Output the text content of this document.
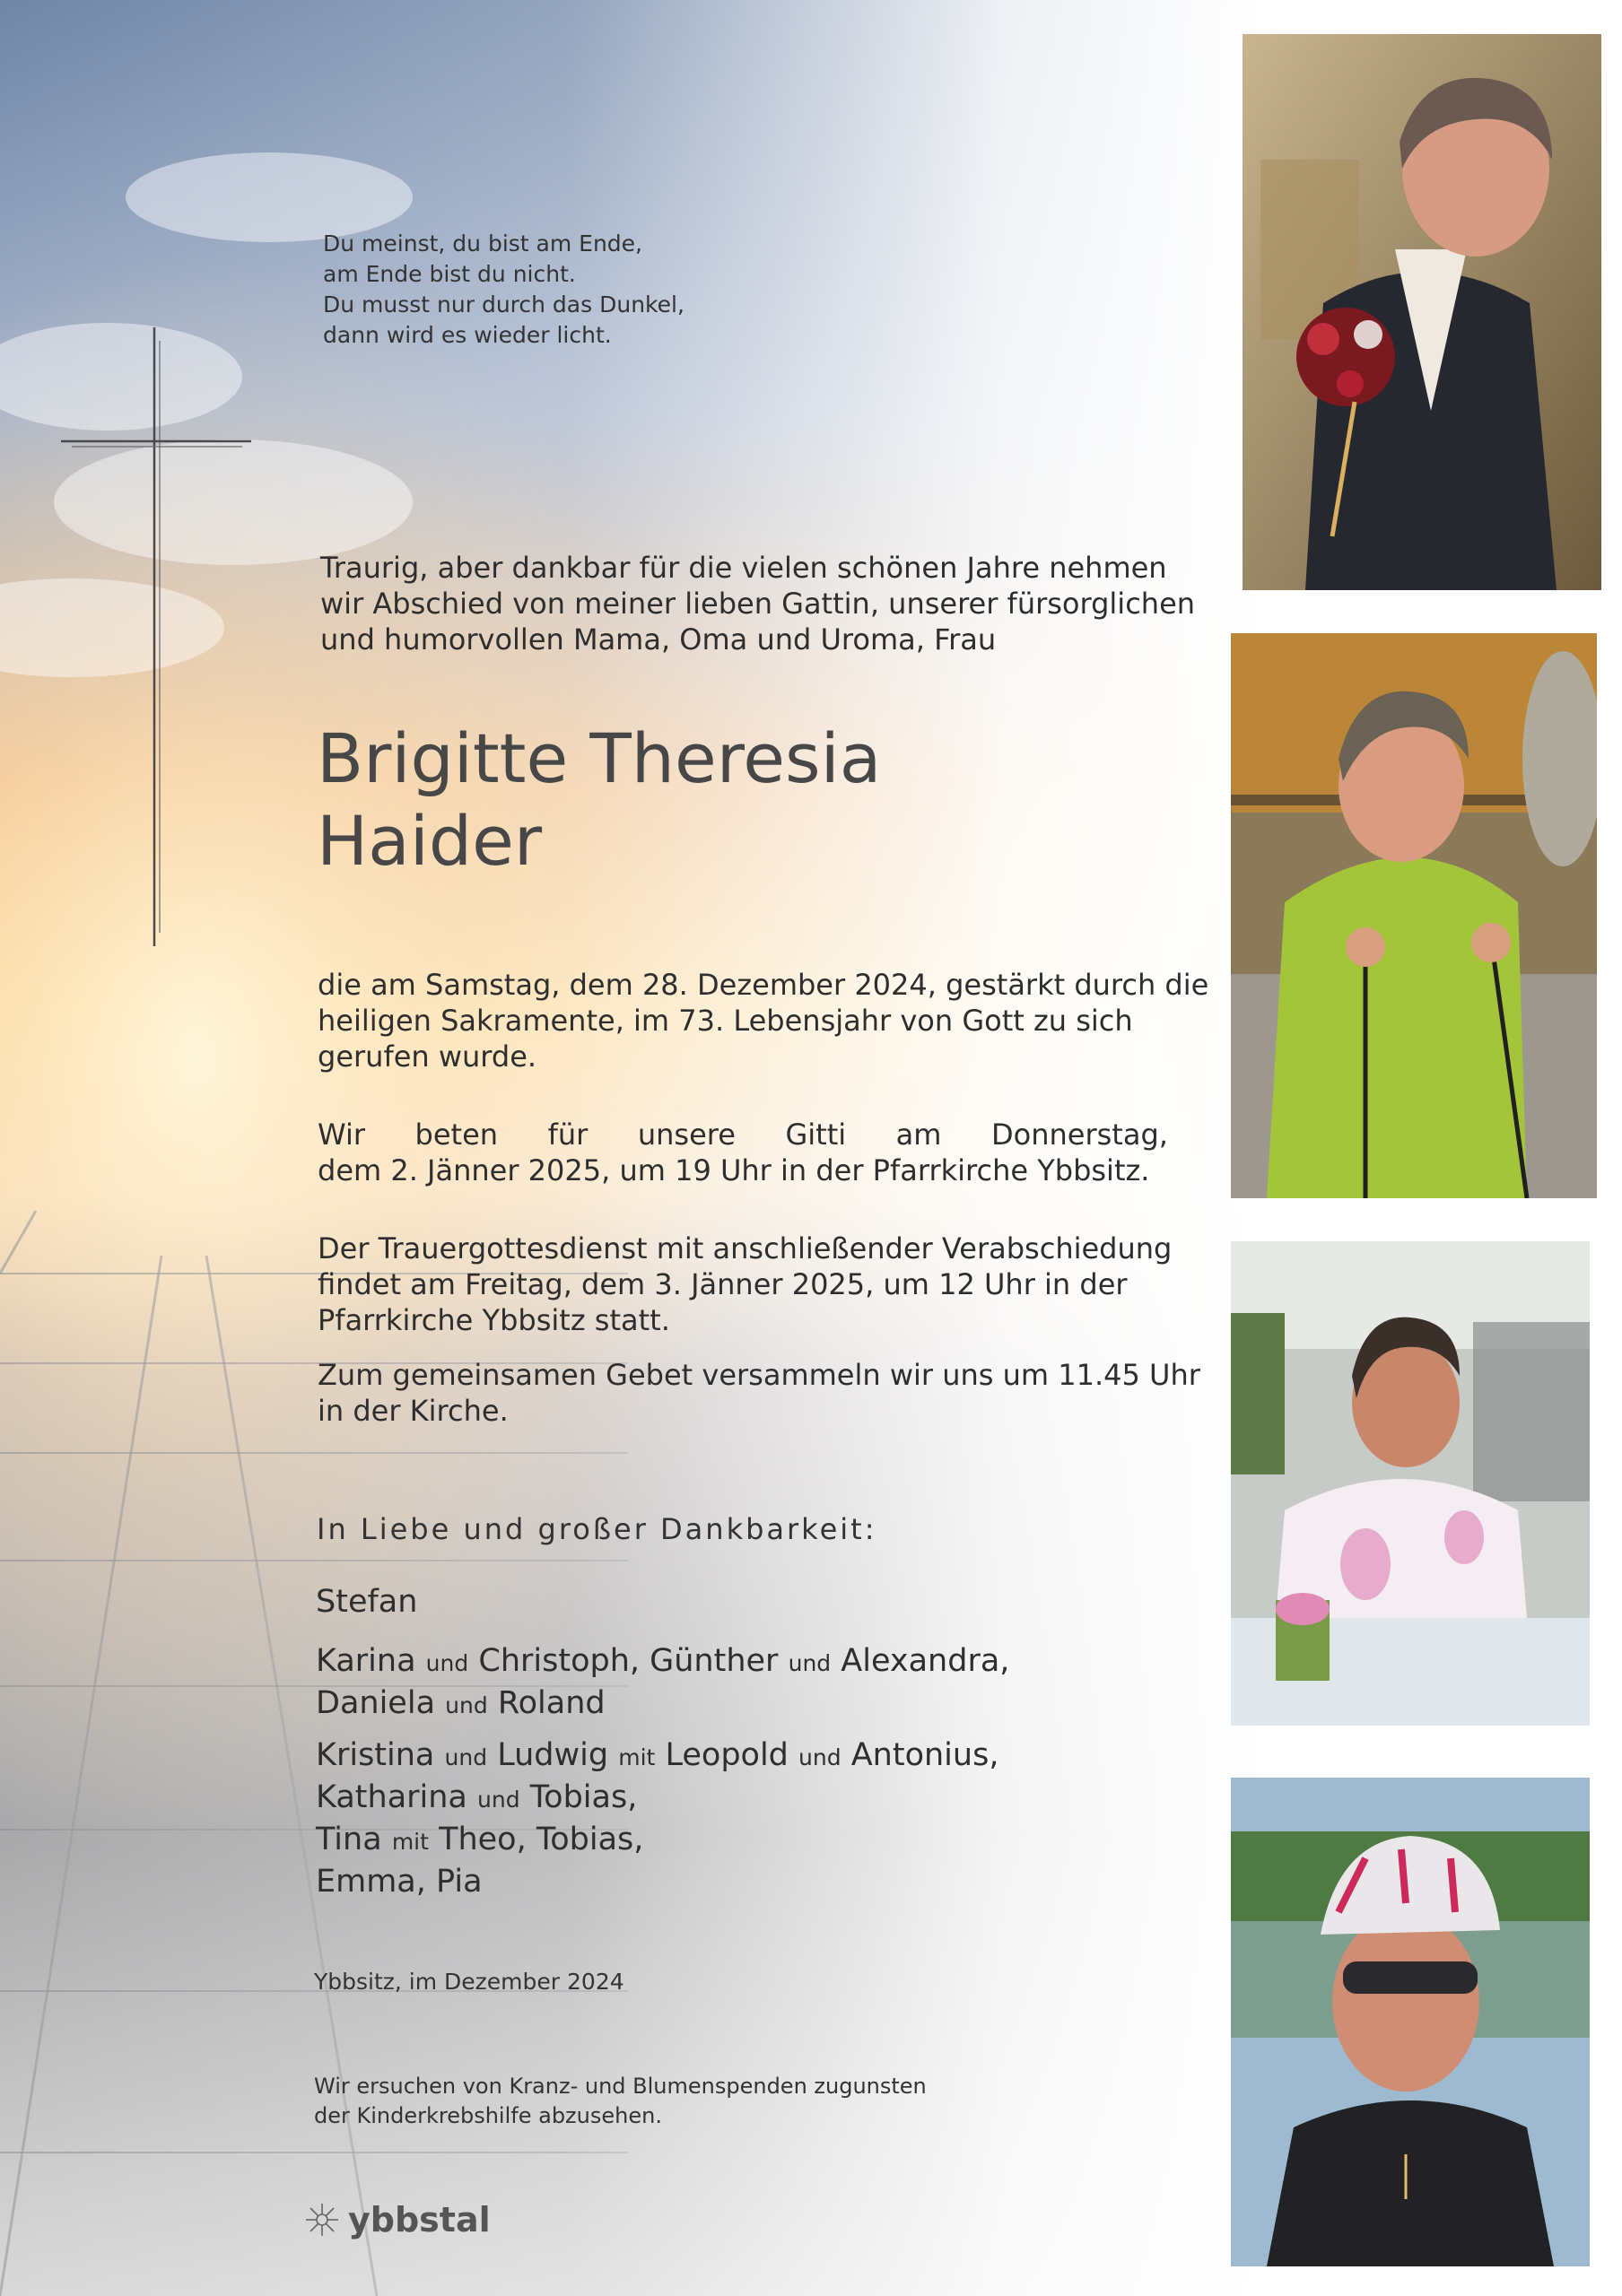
Du meinst, du bist am Ende,
am Ende bist du nicht.
Du musst nur durch das Dunkel,
dann wird es wieder licht.
Traurig, aber dankbar für die vielen schönen Jahre nehmen
wir Abschied von meiner lieben Gattin, unserer fürsorglichen
und humorvollen Mama, Oma und Uroma, Frau
Brigitte Theresia
Haider
die am Samstag, dem 28. Dezember 2024, gestärkt durch die
heiligen Sakramente, im 73. Lebensjahr von Gott zu sich
gerufen wurde.
Wir beten für unsere Gitti am Donnerstag,
dem 2. Jänner 2025, um 19 Uhr in der Pfarrkirche Ybbsitz.
Der Trauergottesdienst mit anschließender Verabschiedung
findet am Freitag, dem 3. Jänner 2025, um 12 Uhr in der
Pfarrkirche Ybbsitz statt.
Zum gemeinsamen Gebet versammeln wir uns um 11.45 Uhr
in der Kirche.
In Liebe und großer Dankbarkeit:
Stefan
Karina und Christoph, Günther und Alexandra,
Daniela und Roland
Kristina und Ludwig mit Leopold und Antonius,
Katharina und Tobias,
Tina mit Theo, Tobias,
Emma, Pia
Ybbsitz, im Dezember 2024
Wir ersuchen von Kranz- und Blumenspenden zugunsten
der Kinderkrebshilfe abzusehen.
ybbstal
